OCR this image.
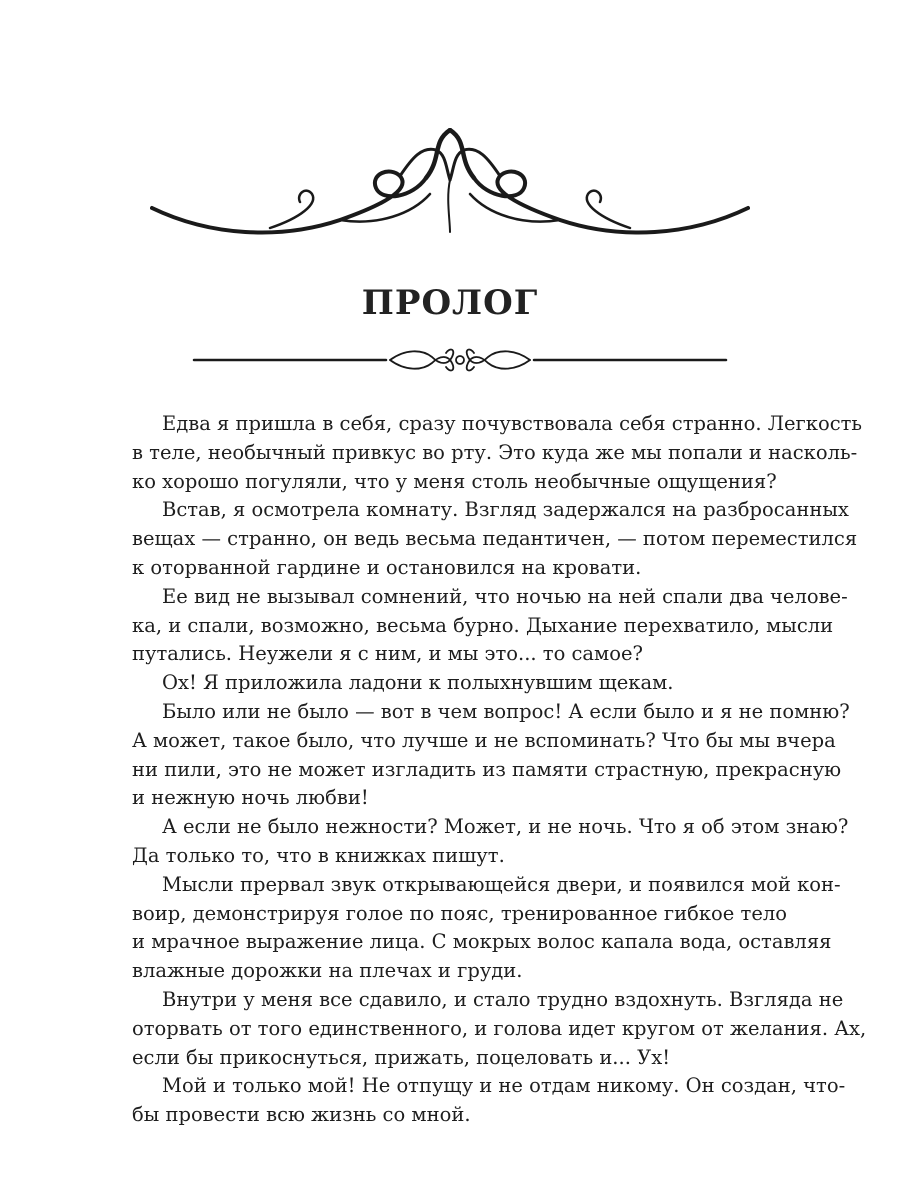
ПРОЛОГ
Едва я пришла в себя, сразу почувствовала себя странно. Легкость
в теле, необычный привкус во рту. Это куда же мы попали и насколь-
ко хорошо погуляли, что у меня столь необычные ощущения?
Встав, я осмотрела комнату. Взгляд задержался на разбросанных
вещах — странно, он ведь весьма педантичен, — потом переместился
к оторванной гардине и остановился на кровати.
Ее вид не вызывал сомнений, что ночью на ней спали два челове-
ка, и спали, возможно, весьма бурно. Дыхание перехватило, мысли
путались. Неужели я с ним, и мы это... то самое?
Ох! Я приложила ладони к полыхнувшим щекам.
Было или не было — вот в чем вопрос! А если было и я не помню?
А может, такое было, что лучше и не вспоминать? Что бы мы вчера
ни пили, это не может изгладить из памяти страстную, прекрасную
и нежную ночь любви!
А если не было нежности? Может, и не ночь. Что я об этом знаю?
Да только то, что в книжках пишут.
Мысли прервал звук открывающейся двери, и появился мой кон-
воир, демонстрируя голое по пояс, тренированное гибкое тело
и мрачное выражение лица. С мокрых волос капала вода, оставляя
влажные дорожки на плечах и груди.
Внутри у меня все сдавило, и стало трудно вздохнуть. Взгляда не
оторвать от того единственного, и голова идет кругом от желания. Ах,
если бы прикоснуться, прижать, поцеловать и... Ух!
Мой и только мой! Не отпущу и не отдам никому. Он создан, что-
бы провести всю жизнь со мной.
